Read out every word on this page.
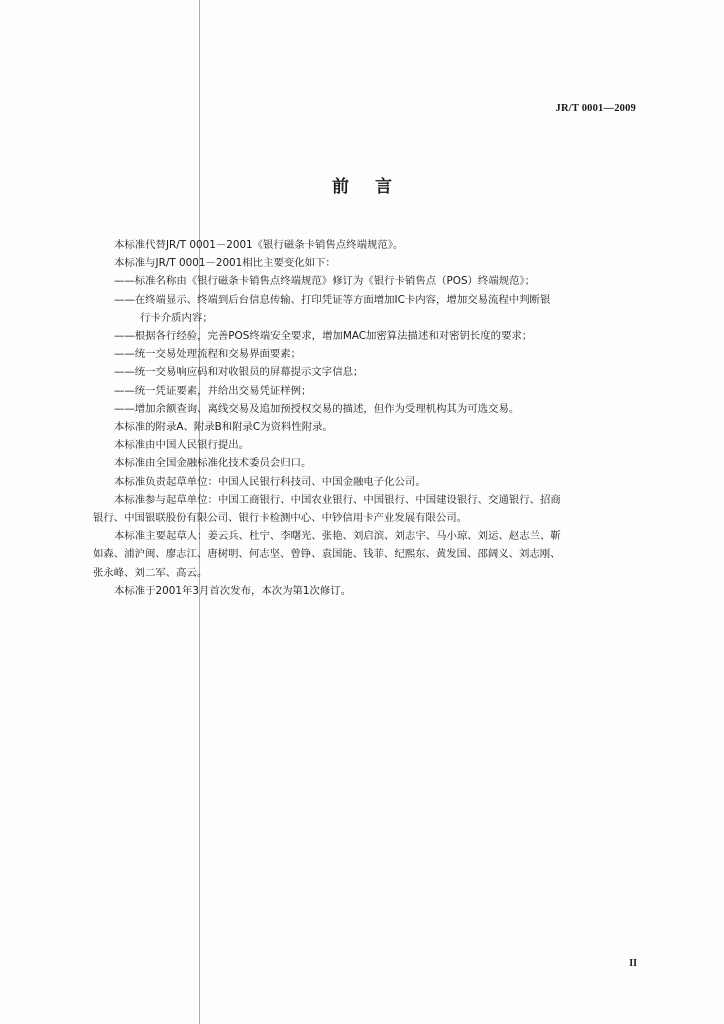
JR/T 0001—2009
前言

本标准代替JR/T 0001－2001《银行磁条卡销售点终端规范》。

本标准与JR/T 0001－2001相比主要变化如下：

——标准名称由《银行磁条卡销售点终端规范》修订为《银行卡销售点（POS）终端规范》；

——在终端显示、终端到后台信息传输、打印凭证等方面增加IC卡内容，增加交易流程中判断银

行卡介质内容；

——根据各行经验，完善POS终端安全要求，增加MAC加密算法描述和对密钥长度的要求；

——统一交易处理流程和交易界面要素；

——统一交易响应码和对收银员的屏幕提示文字信息；

——统一凭证要素，并给出交易凭证样例；

——增加余额查询、离线交易及追加预授权交易的描述，但作为受理机构其为可选交易。

本标准的附录A、附录B和附录C为资料性附录。

本标准由中国人民银行提出。

本标准由全国金融标准化技术委员会归口。

本标准负责起草单位：中国人民银行科技司、中国金融电子化公司。

本标准参与起草单位：中国工商银行、中国农业银行、中国银行、中国建设银行、交通银行、招商

银行、中国银联股份有限公司、银行卡检测中心、中钞信用卡产业发展有限公司。

本标准主要起草人：姜云兵、杜宁、李曙光、张艳、刘启滨、刘志宇、马小琼、刘运、赵志兰、靳

如森、浦沪闽、廖志江、唐树明、何志坚、曾铮、袁国能、钱菲、纪熙东、黄发国、邵阔义、刘志刚、

张永峰、刘二军、高云。

本标准于2001年3月首次发布，本次为第1次修订。

II
